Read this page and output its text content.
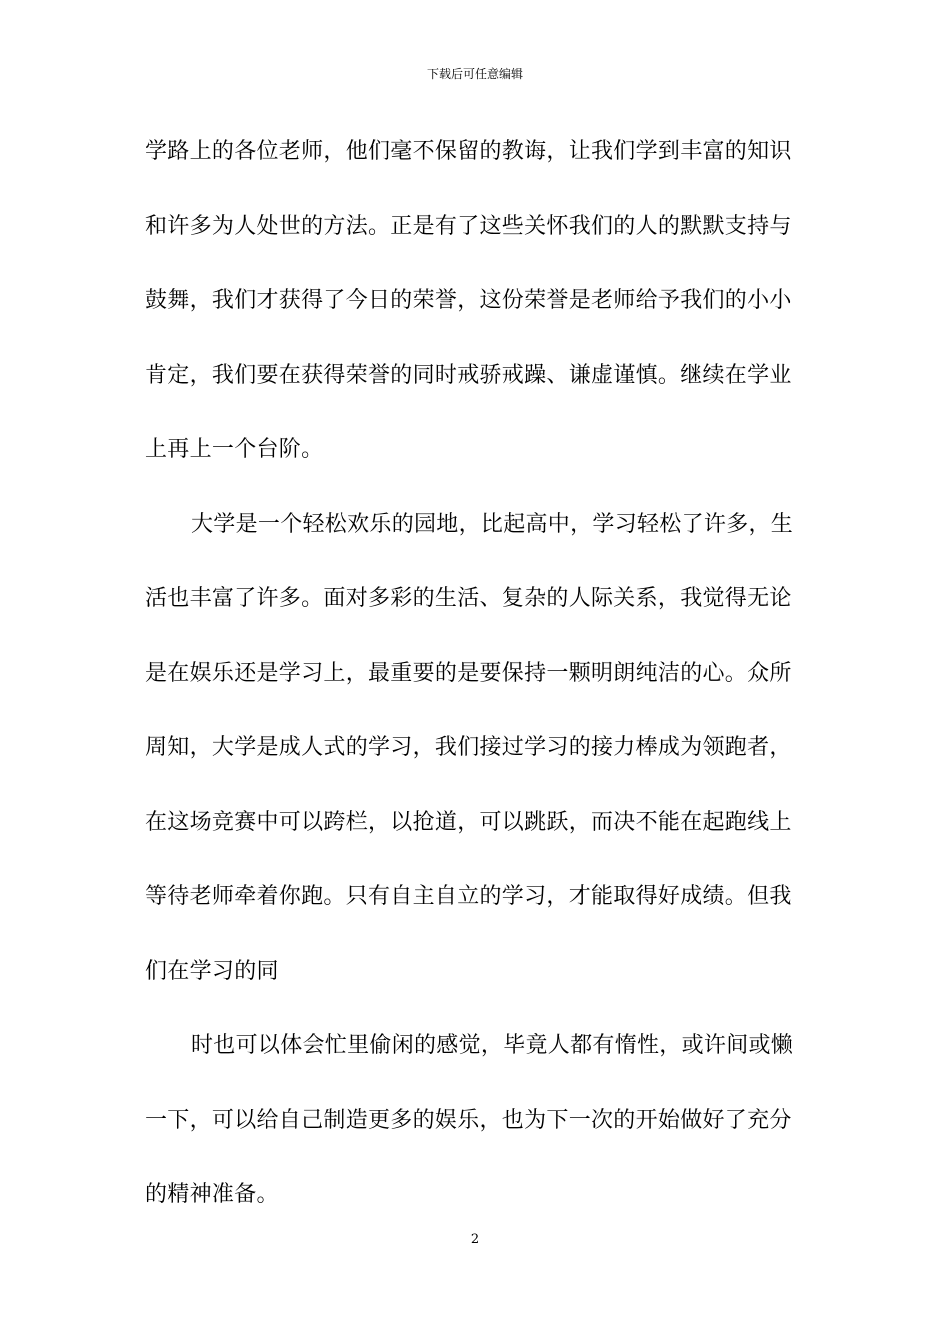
下载后可任意编辑
学路上的各位老师，他们毫不保留的教诲，让我们学到丰富的知识
和许多为人处世的方法。正是有了这些关怀我们的人的默默支持与
鼓舞，我们才获得了今日的荣誉，这份荣誉是老师给予我们的小小
肯定，我们要在获得荣誉的同时戒骄戒躁、谦虚谨慎。继续在学业
上再上一个台阶。
大学是一个轻松欢乐的园地，比起高中，学习轻松了许多，生
活也丰富了许多。面对多彩的生活、复杂的人际关系，我觉得无论
是在娱乐还是学习上，最重要的是要保持一颗明朗纯洁的心。众所
周知，大学是成人式的学习，我们接过学习的接力棒成为领跑者，
在这场竞赛中可以跨栏，以抢道，可以跳跃，而决不能在起跑线上
等待老师牵着你跑。只有自主自立的学习，才能取得好成绩。但我
们在学习的同
时也可以体会忙里偷闲的感觉，毕竟人都有惰性，或许间或懒
一下，可以给自己制造更多的娱乐，也为下一次的开始做好了充分
的精神准备。
2
